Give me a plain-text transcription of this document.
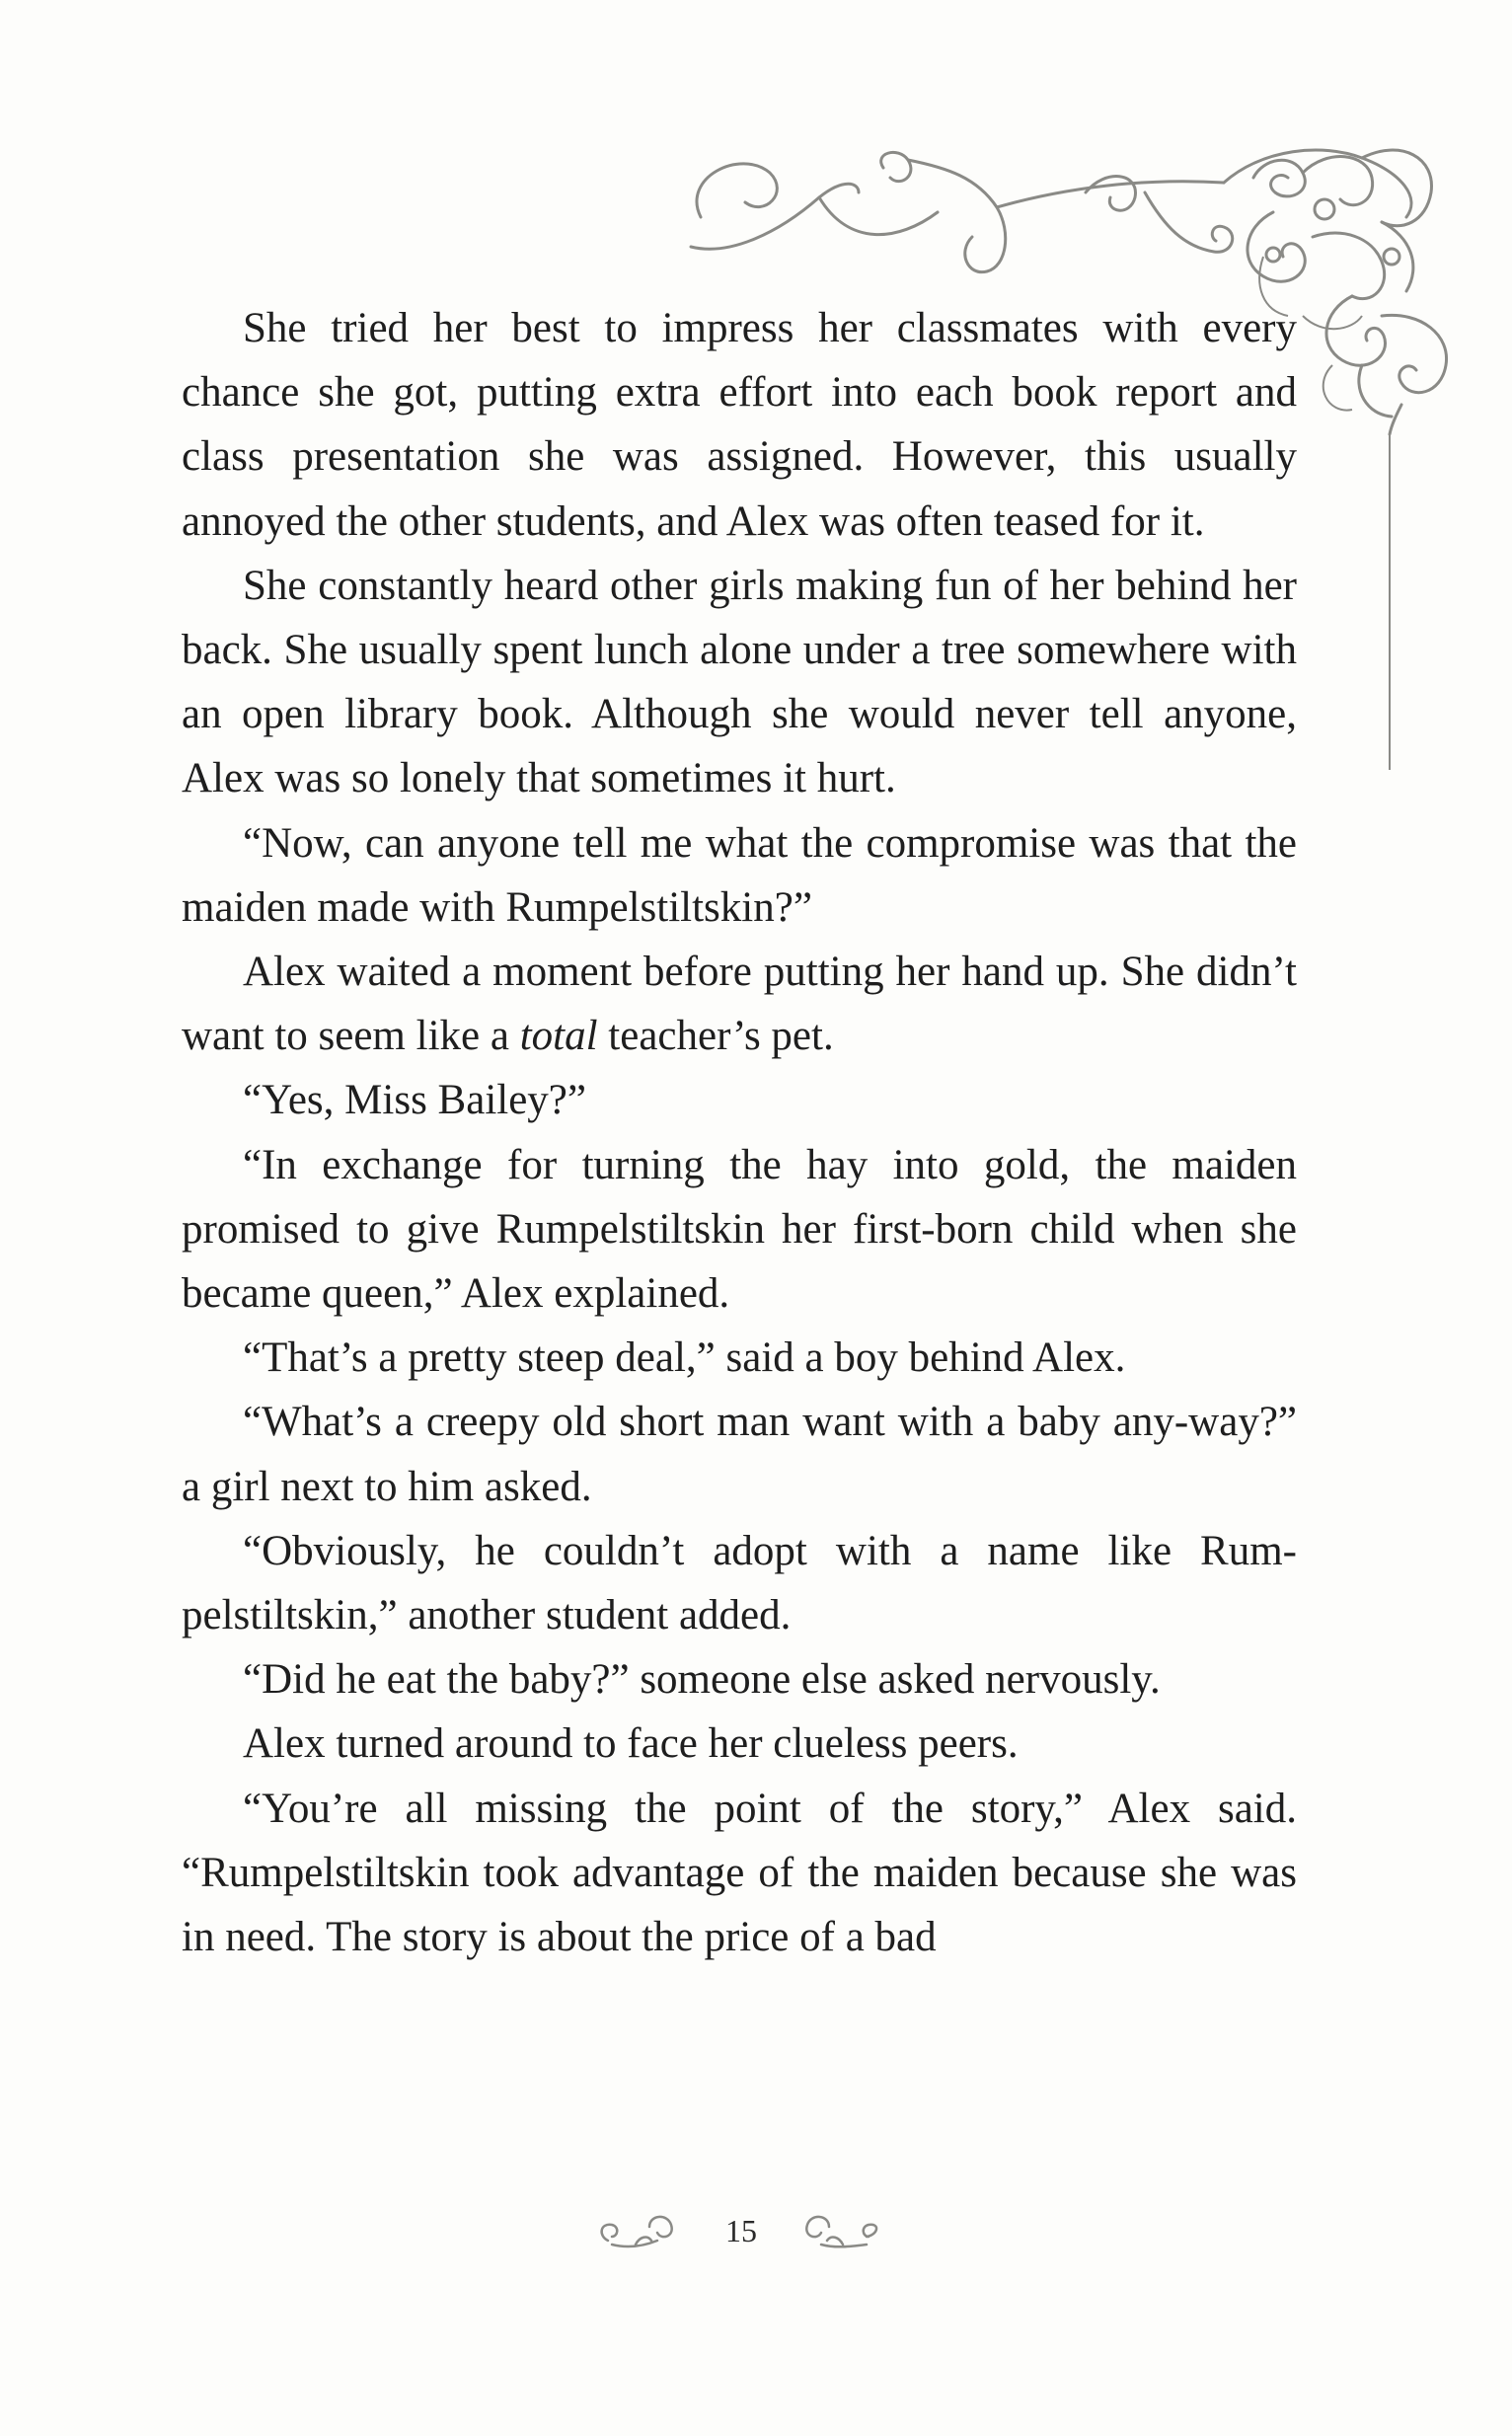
She tried her best to impress her classmates with every chance she got, putting extra effort into each book report and class presentation she was assigned. However, this usually annoyed the other students, and Alex was often teased for it.

She constantly heard other girls making fun of her behind her back. She usually spent lunch alone under a tree somewhere with an open library book. Although she would never tell anyone, Alex was so lonely that sometimes it hurt.

“Now, can anyone tell me what the compromise was that the maiden made with Rumpelstiltskin?”

Alex waited a moment before putting her hand up. She didn’t want to seem like a total teacher’s pet.

“Yes, Miss Bailey?”

“In exchange for turning the hay into gold, the maiden promised to give Rumpelstiltskin her first-born child when she became queen,” Alex explained.

“That’s a pretty steep deal,” said a boy behind Alex.

“What’s a creepy old short man want with a baby any-way?” a girl next to him asked.

“Obviously, he couldn’t adopt with a name like Rum-pelstiltskin,” another student added.

“Did he eat the baby?” someone else asked nervously.

Alex turned around to face her clueless peers.

“You’re all missing the point of the story,” Alex said. “Rumpelstiltskin took advantage of the maiden because she was in need. The story is about the price of a bad

15
